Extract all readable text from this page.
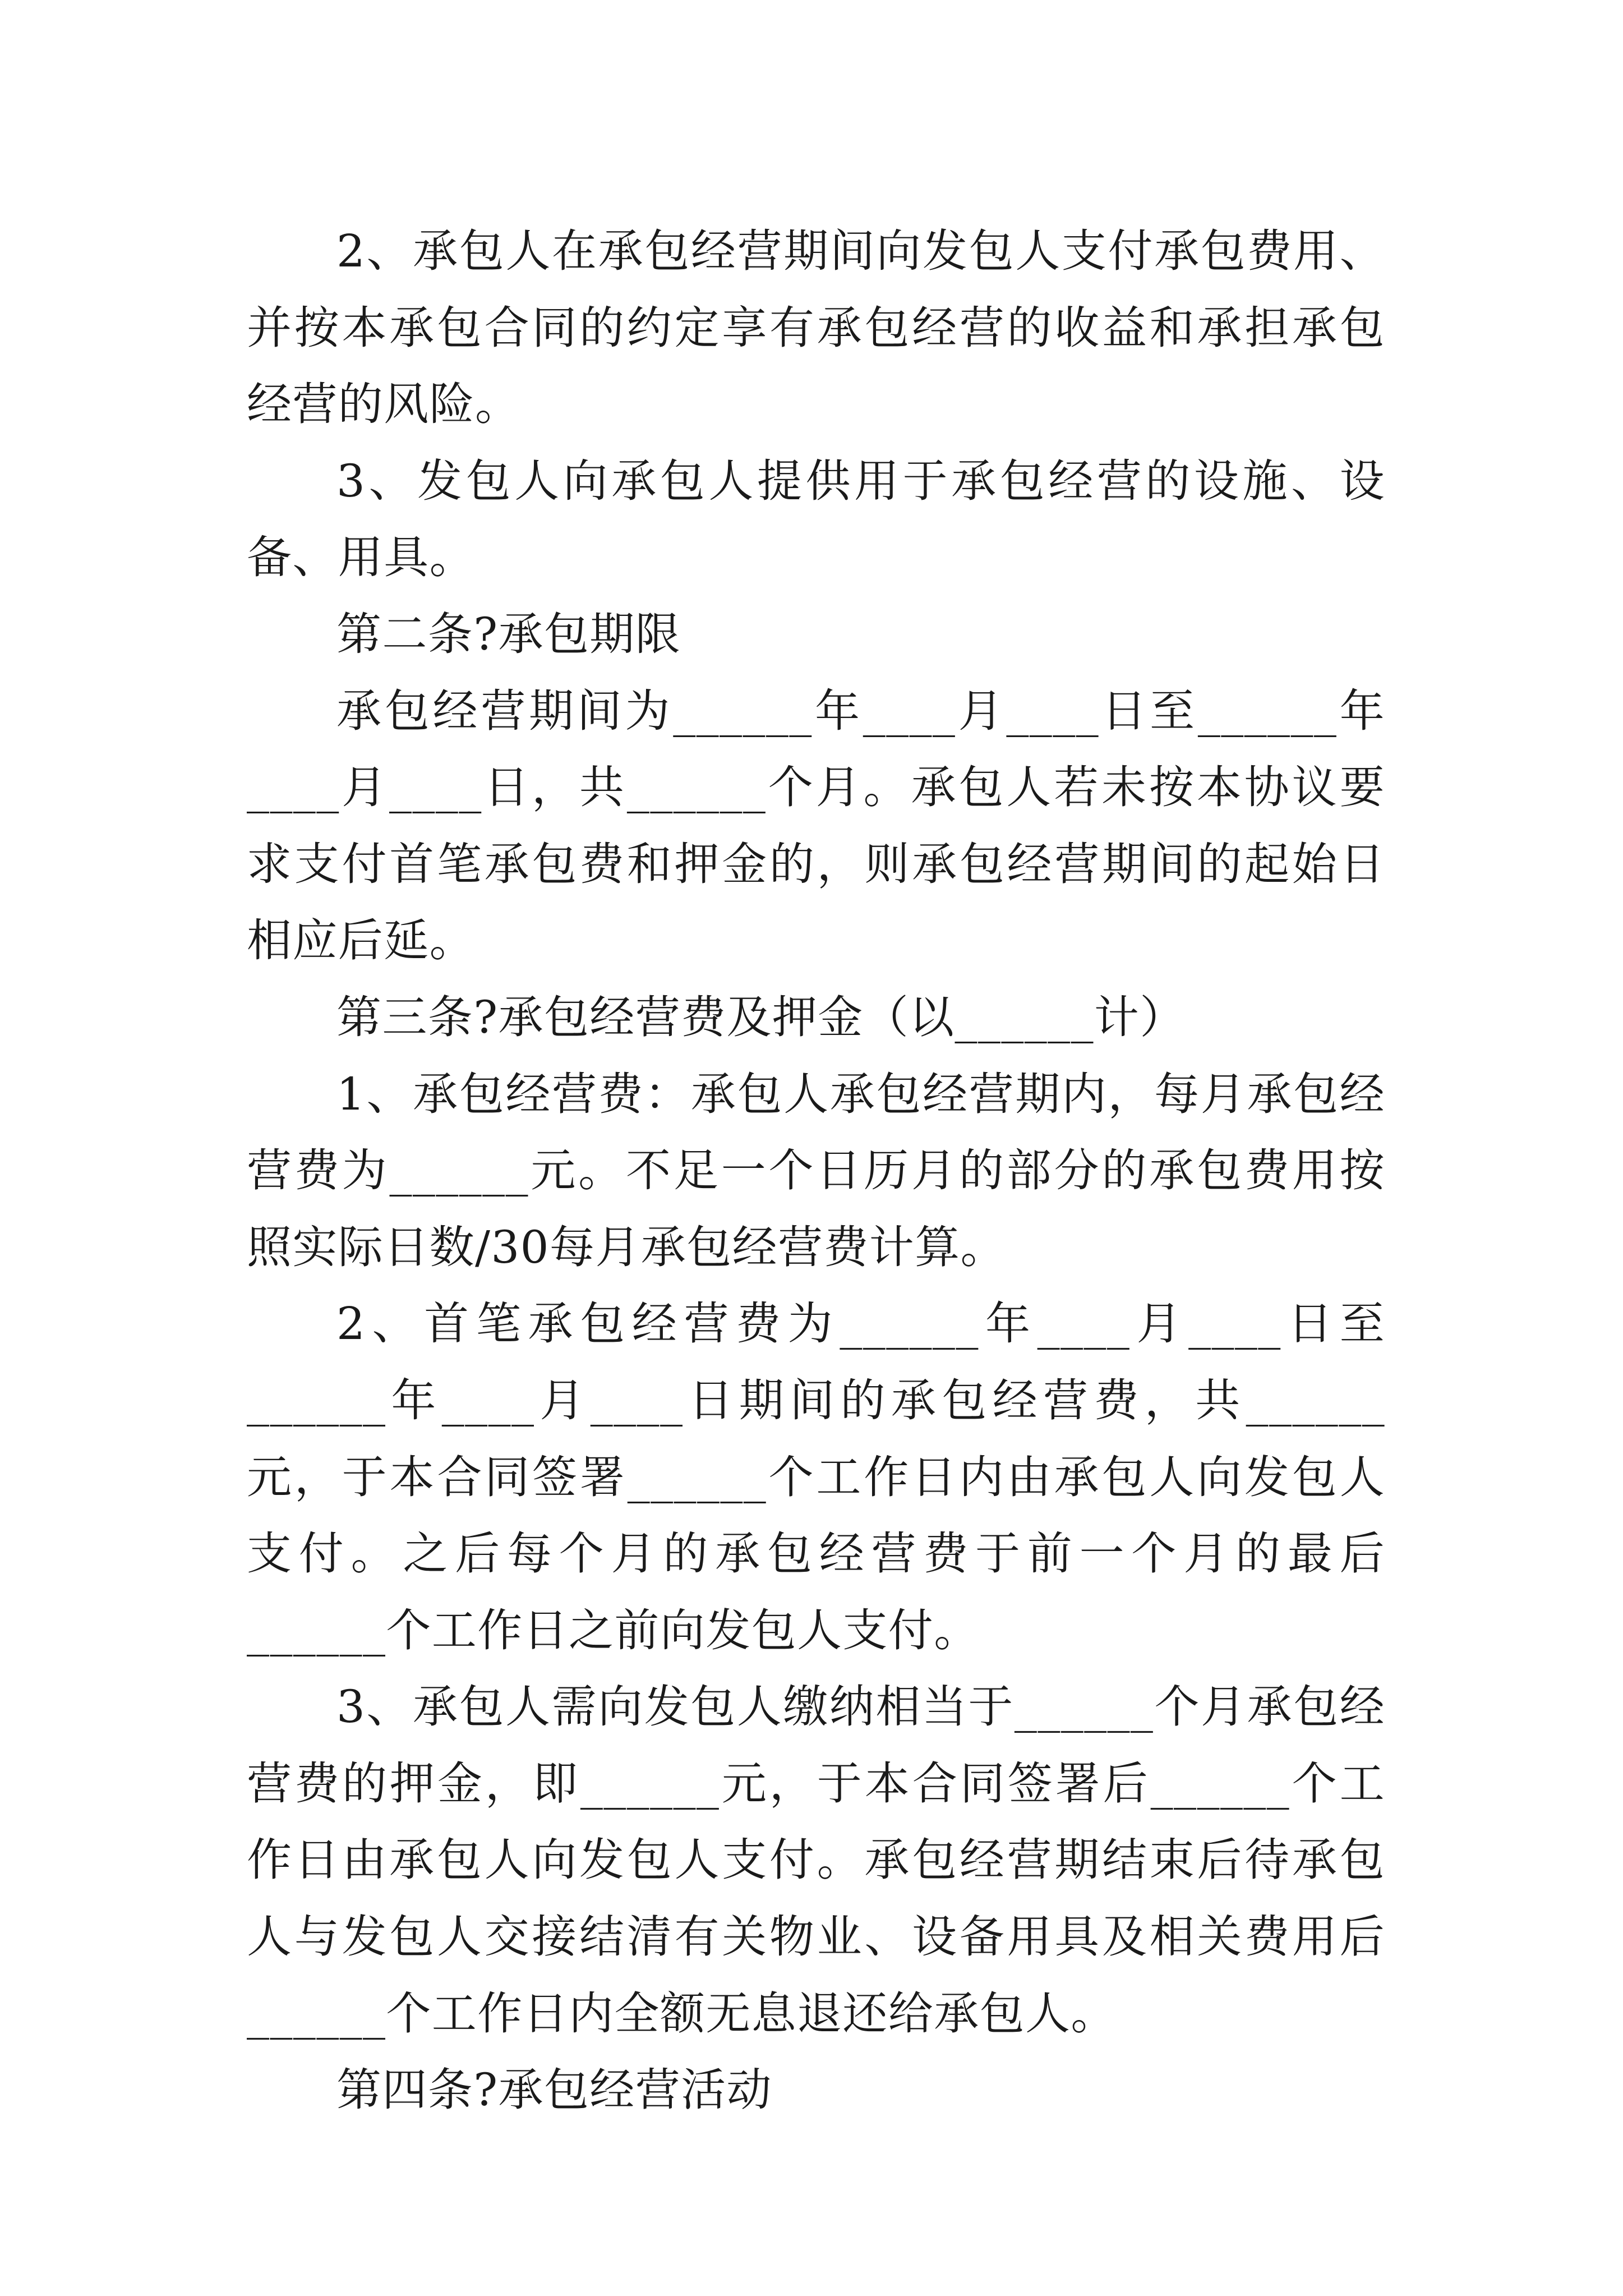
2、承包人在承包经营期间向发包人支付承包费用、并按本承包合同的约定享有承包经营的收益和承担承包经营的风险。

3、发包人向承包人提供用于承包经营的设施、设备、用具。

第二条?承包期限

承包经营期间为______年____月____日至______年____月____日，共______个月。承包人若未按本协议要求支付首笔承包费和押金的，则承包经营期间的起始日相应后延。

第三条?承包经营费及押金（以______计）

1、承包经营费：承包人承包经营期内，每月承包经营费为______元。不足一个日历月的部分的承包费用按照实际日数/30每月承包经营费计算。

2、首笔承包经营费为______年____月____日至______年____月____日期间的承包经营费，共______元，于本合同签署______个工作日内由承包人向发包人支付。之后每个月的承包经营费于前一个月的最后______个工作日之前向发包人支付。

3、承包人需向发包人缴纳相当于______个月承包经营费的押金，即______元，于本合同签署后______个工作日由承包人向发包人支付。承包经营期结束后待承包人与发包人交接结清有关物业、设备用具及相关费用后______个工作日内全额无息退还给承包人。

第四条?承包经营活动
